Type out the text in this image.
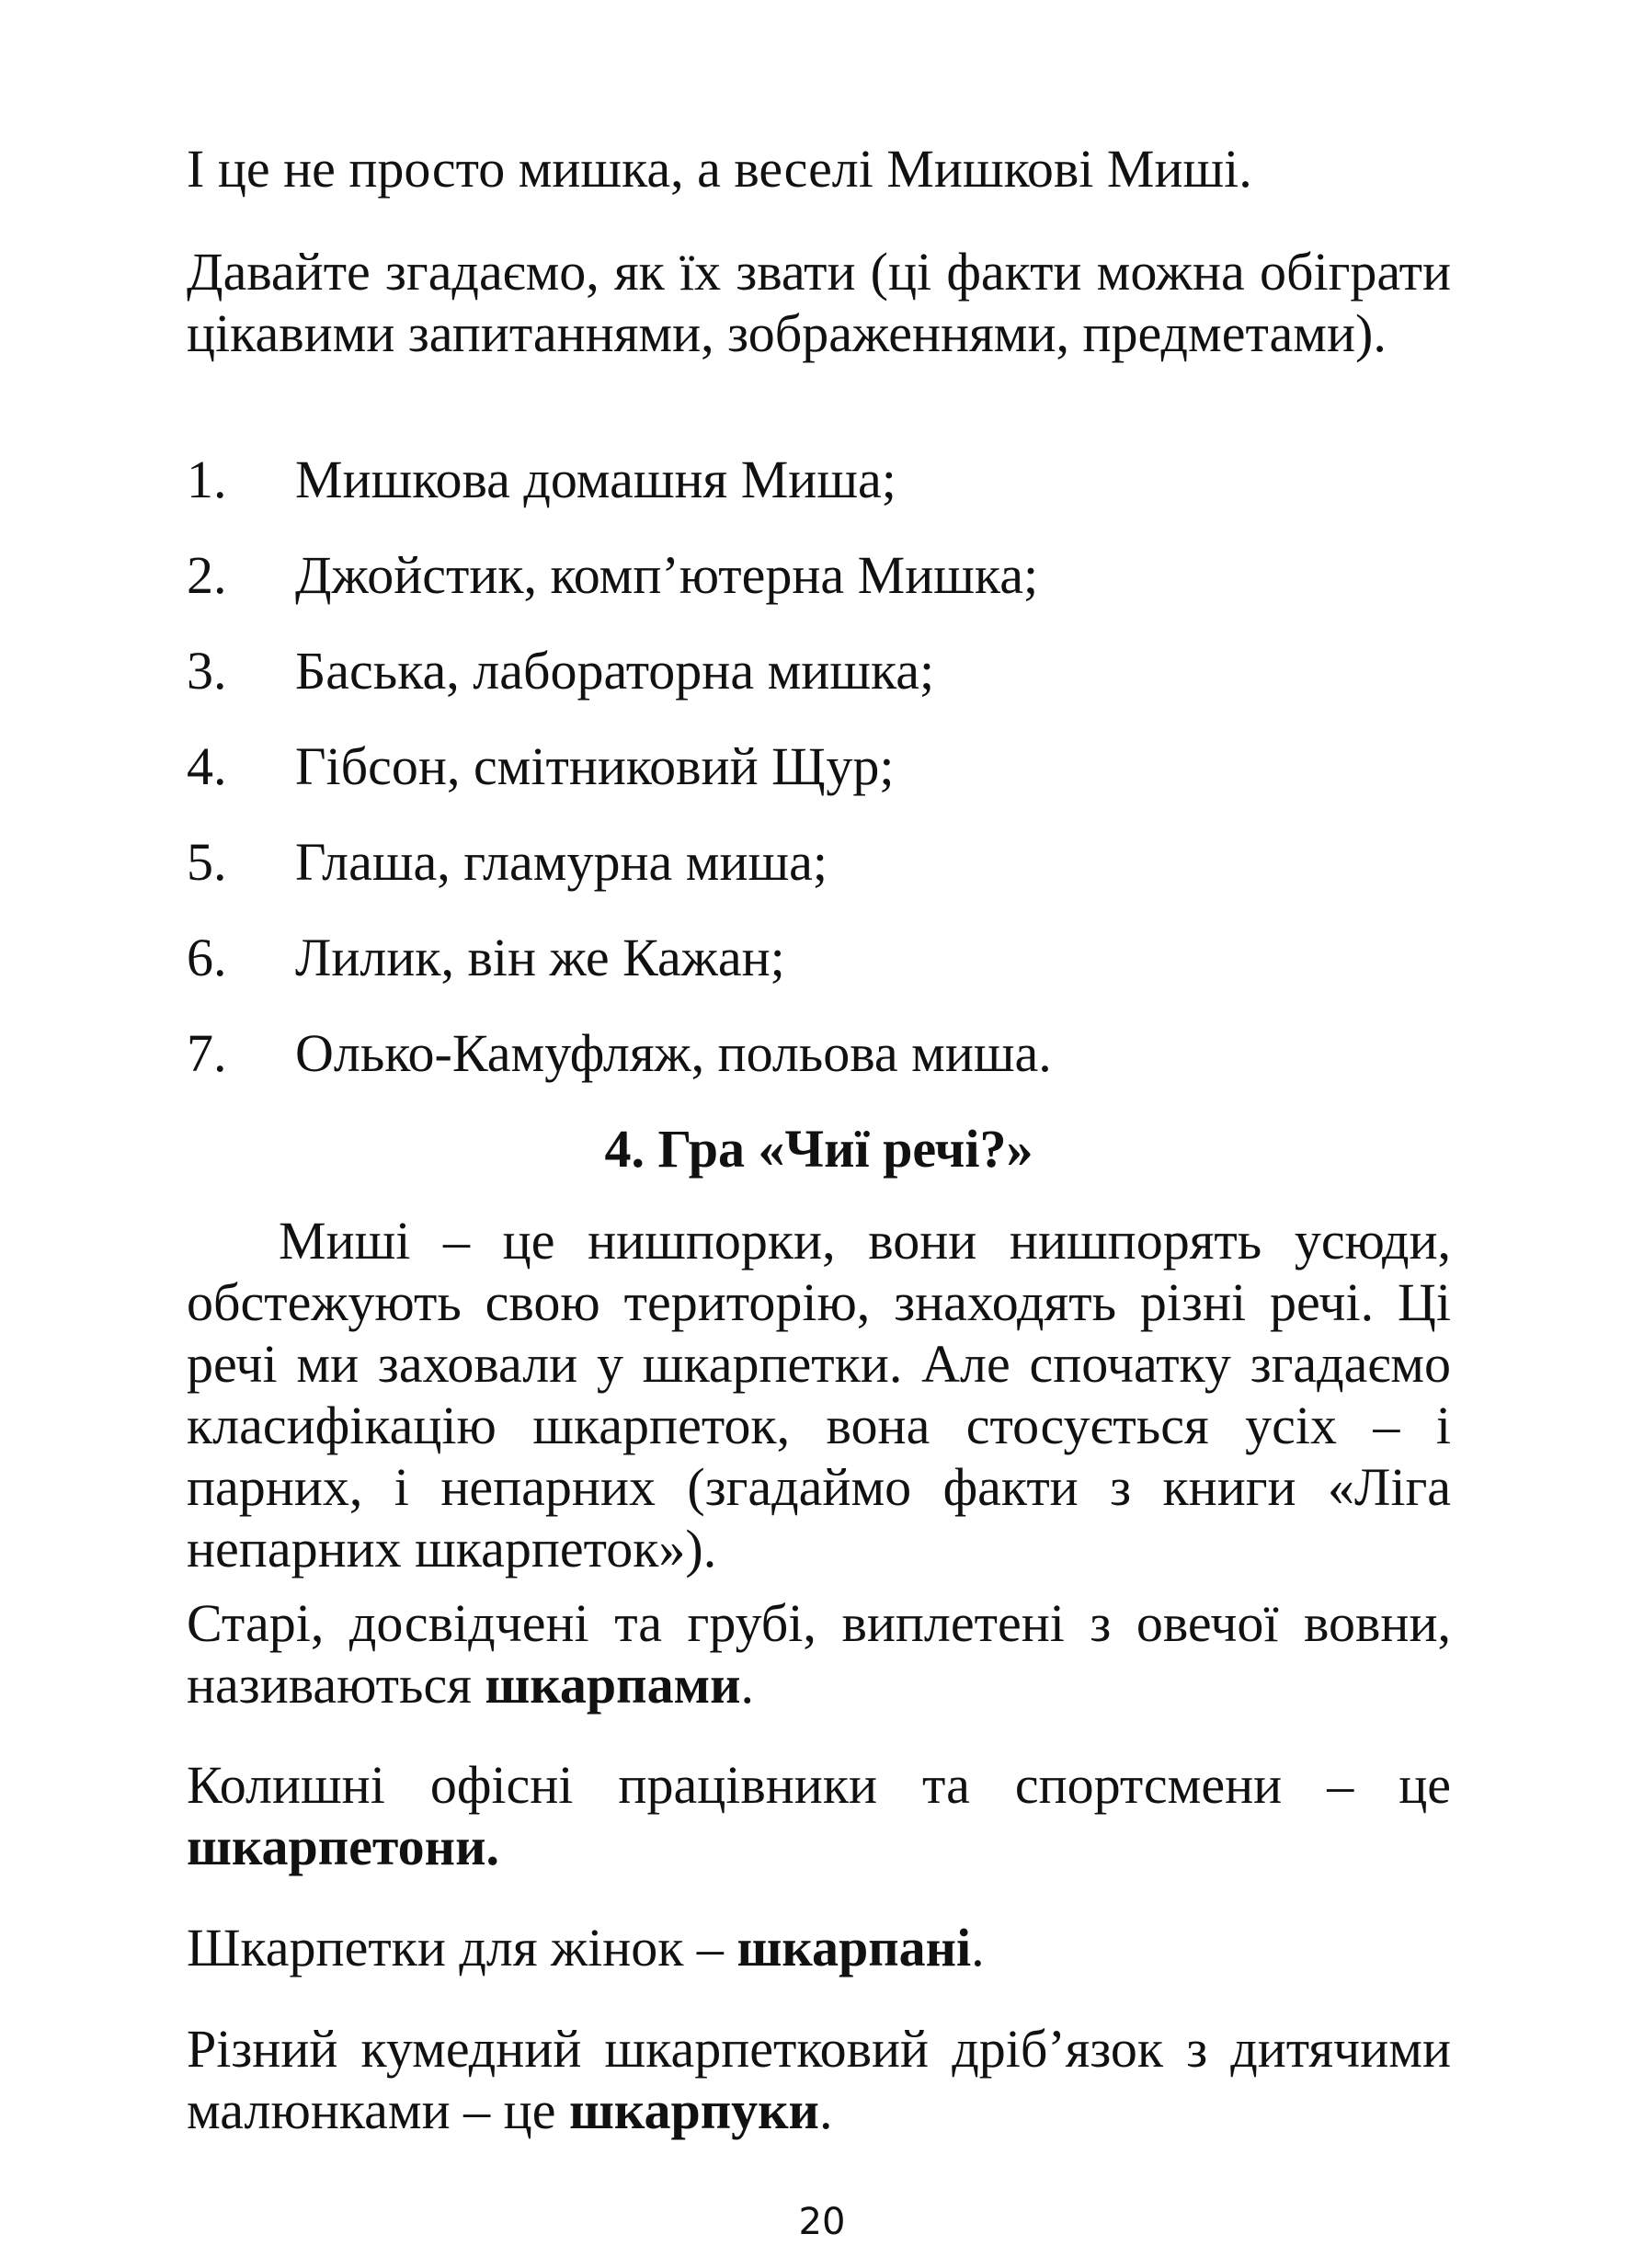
І це не просто мишка, а веселі Мишкові Миші.

Давайте згадаємо, як їх звати (ці факти можна обіграти цікавими запитаннями, зображеннями, предметами).

1. Мишкова домашня Миша;
2. Джойстик, комп’ютерна Мишка;
3. Баська, лабораторна мишка;
4. Гібсон, смітниковий Щур;
5. Глаша, гламурна миша;
6. Лилик, він же Кажан;
7. Олько-Камуфляж, польова миша.
4. Гра «Чиї речі?»

Миші – це нишпорки, вони нишпорять усюди, обстежують свою територію, знаходять різні речі. Ці речі ми заховали у шкарпетки. Але спочатку згадаємо класифікацію шкарпеток, вона стосується усіх – і парних, і непарних (згадаймо факти з книги «Ліга непарних шкарпеток»).

Старі, досвідчені та грубі, виплетені з овечої вовни, називаються шкарпами.

Колишні офісні працівники та спортсмени – це шкарпетони.

Шкарпетки для жінок – шкарпані.

Різний кумедний шкарпетковий дріб’язок з дитячими малюнками – це шкарпуки.

20
